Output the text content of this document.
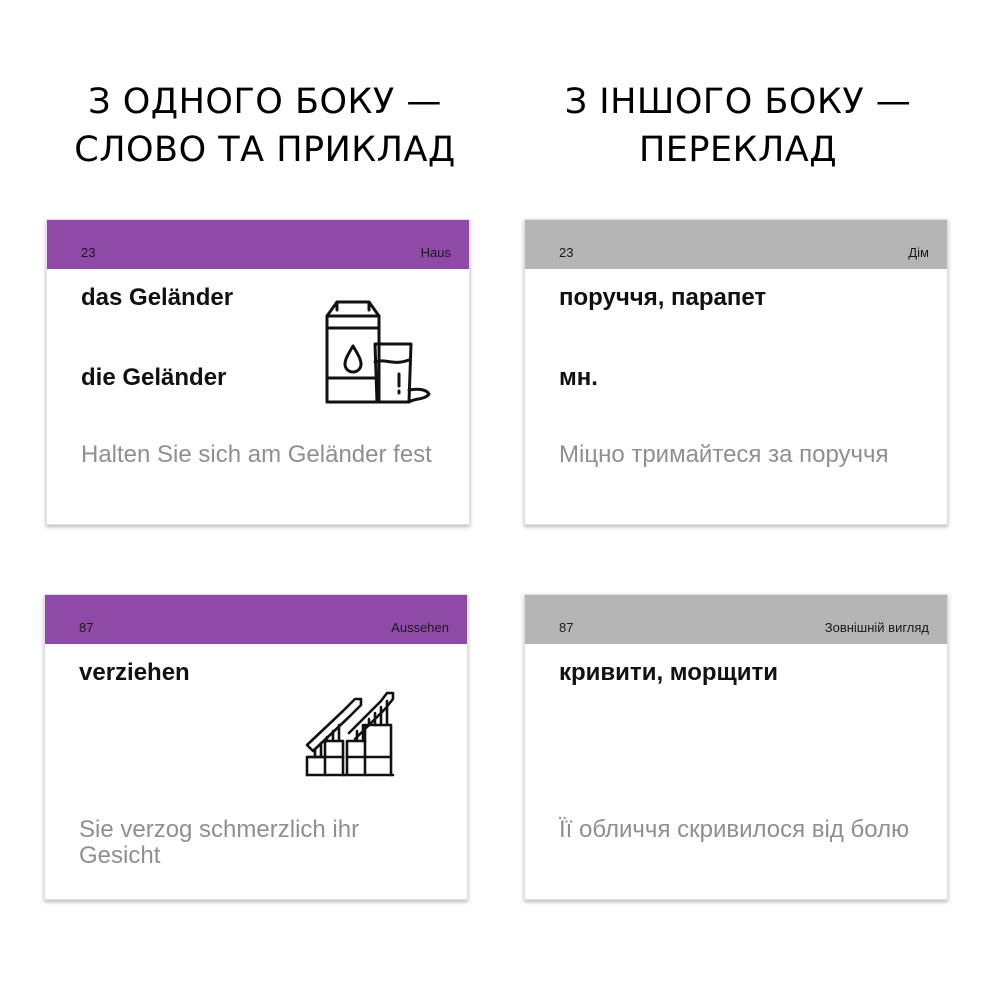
З ОДНОГО БОКУ —
СЛОВО ТА ПРИКЛАД
З ІНШОГО БОКУ —
ПЕРЕКЛАД
23	Haus
das Geländer
die Geländer
Halten Sie sich am Geländer fest
23	Дім
поруччя, парапет
мн.
Міцно тримайтеся за поруччя
87	Aussehen
verziehen
Sie verzog schmerzlich ihr Gesicht
87	Зовнішній вигляд
кривити, морщити
Її обличчя скривилося від болю
